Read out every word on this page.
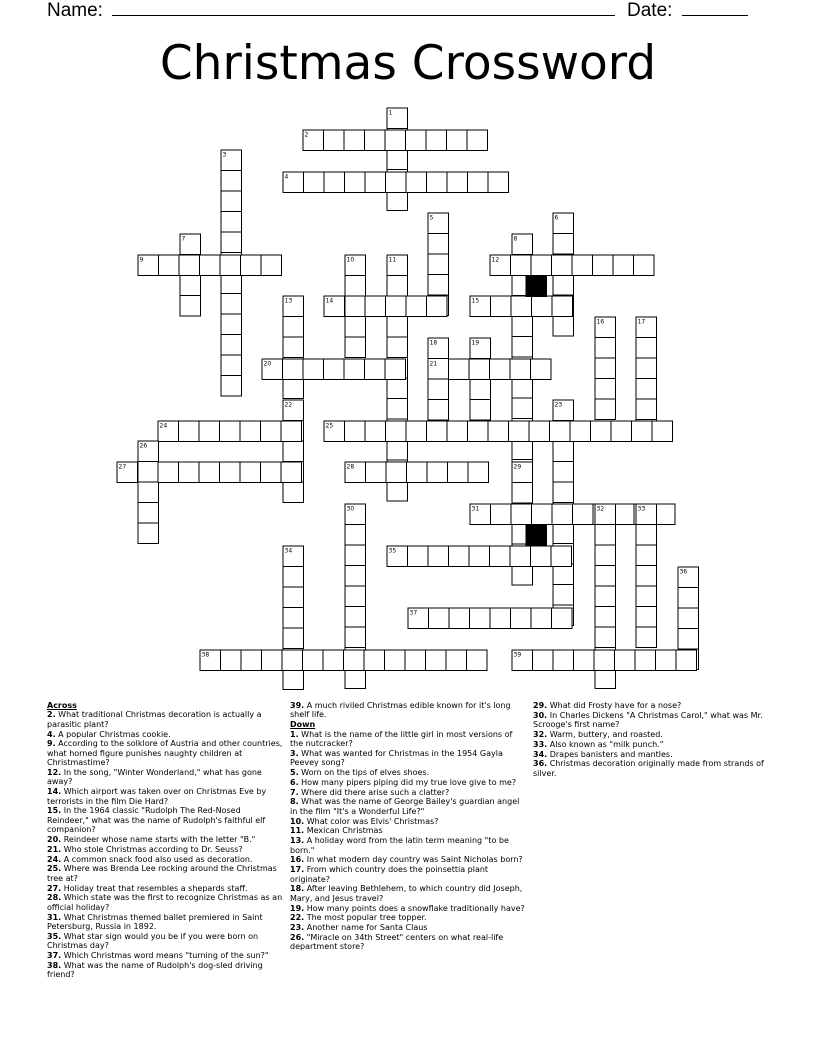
Name:	Date:
Christmas Crossword
1
2
3
4
5	6
7	8
9	10	11	12
13	14	15
16	17
18	19
20	21
22	23
24	25
26
27	28	29
30	31	32	33
34	35
36
37
38	39
Across
2. What traditional Christmas decoration is actually a parasitic plant?
4. A popular Christmas cookie.
9. According to the solklore of Austria and other countries, what horned figure punishes naughty children at Christmastime?
12. In the song, "Winter Wonderland," what has gone away?
14. Which airport was taken over on Christmas Eve by terrorists in the film Die Hard?
15. In the 1964 classic "Rudolph The Red-Nosed Reindeer," what was the name of Rudolph's faithful elf companion?
20. Reindeer whose name starts with the letter "B."
21. Who stole Christmas according to Dr. Seuss?
24. A common snack food also used as decoration.
25. Where was Brenda Lee rocking around the Christmas tree at?
27. Holiday treat that resembles a shepards staff.
28. Which state was the first to recognize Christmas as an official holiday?
31. What Christmas themed ballet premiered in Saint Petersburg, Russia in 1892.
35. What star sign would you be if you were born on Christmas day?
37. Which Christmas word means "turning of the sun?"
38. What was the name of Rudolph's dog-sled driving friend?
39. A much riviled Christmas edible known for it's long shelf life.
Down
1. What is the name of the little girl in most versions of the nutcracker?
3. What was wanted for Christmas in the 1954 Gayla Peevey song?
5. Worn on the tips of elves shoes.
6. How many pipers piping did my true love give to me?
7. Where did there arise such a clatter?
8. What was the name of George Bailey's guardian angel in the film "It's a Wonderful Life?"
10. What color was Elvis' Christmas?
11. Mexican Christmas
13. A holiday word from the latin term meaning "to be born."
16. In what modern day country was Saint Nicholas born?
17. From which country does the poinsettia plant originate?
18. After leaving Bethlehem, to which country did Joseph, Mary, and Jesus travel?
19. How many points does a snowflake traditionally have?
22. The most popular tree topper.
23. Another name for Santa Claus
26. "Miracle on 34th Street" centers on what real-life department store?
29. What did Frosty have for a nose?
30. In Charles Dickens "A Christmas Carol," what was Mr. Scrooge's first name?
32. Warm, buttery, and roasted.
33. Also known as "milk punch."
34. Drapes banisters and mantles.
36. Christmas decoration originally made from strands of silver.
